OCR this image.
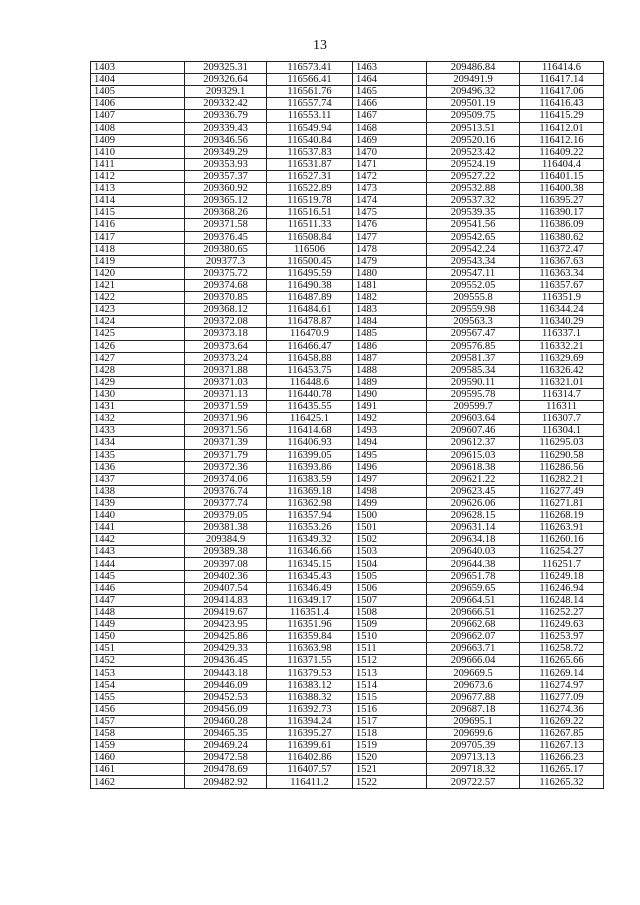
13
1403	209325.31	116573.41	1463	209486.84	116414.6
1404	209326.64	116566.41	1464	209491.9	116417.14
1405	209329.1	116561.76	1465	209496.32	116417.06
1406	209332.42	116557.74	1466	209501.19	116416.43
1407	209336.79	116553.11	1467	209509.75	116415.29
1408	209339.43	116549.94	1468	209513.51	116412.01
1409	209346.56	116540.84	1469	209520.16	116412.16
1410	209349.29	116537.83	1470	209523.42	116409.22
1411	209353.93	116531.87	1471	209524.19	116404.4
1412	209357.37	116527.31	1472	209527.22	116401.15
1413	209360.92	116522.89	1473	209532.88	116400.38
1414	209365.12	116519.78	1474	209537.32	116395.27
1415	209368.26	116516.51	1475	209539.35	116390.17
1416	209371.58	116511.33	1476	209541.56	116386.09
1417	209376.45	116508.84	1477	209542.65	116380.62
1418	209380.65	116506	1478	209542.24	116372.47
1419	209377.3	116500.45	1479	209543.34	116367.63
1420	209375.72	116495.59	1480	209547.11	116363.34
1421	209374.68	116490.38	1481	209552.05	116357.67
1422	209370.85	116487.89	1482	209555.8	116351.9
1423	209368.12	116484.61	1483	209559.98	116344.24
1424	209372.08	116478.87	1484	209563.3	116340.29
1425	209373.18	116470.9	1485	209567.47	116337.1
1426	209373.64	116466.47	1486	209576.85	116332.21
1427	209373.24	116458.88	1487	209581.37	116329.69
1428	209371.88	116453.75	1488	209585.34	116326.42
1429	209371.03	116448.6	1489	209590.11	116321.01
1430	209371.13	116440.78	1490	209595.78	116314.7
1431	209371.59	116435.55	1491	209599.7	116311
1432	209371.96	116425.1	1492	209603.64	116307.7
1433	209371.56	116414.68	1493	209607.46	116304.1
1434	209371.39	116406.93	1494	209612.37	116295.03
1435	209371.79	116399.05	1495	209615.03	116290.58
1436	209372.36	116393.86	1496	209618.38	116286.56
1437	209374.06	116383.59	1497	209621.22	116282.21
1438	209376.74	116369.18	1498	209623.45	116277.49
1439	209377.74	116362.98	1499	209626.06	116271.81
1440	209379.05	116357.94	1500	209628.15	116268.19
1441	209381.38	116353.26	1501	209631.14	116263.91
1442	209384.9	116349.32	1502	209634.18	116260.16
1443	209389.38	116346.66	1503	209640.03	116254.27
1444	209397.08	116345.15	1504	209644.38	116251.7
1445	209402.36	116345.43	1505	209651.78	116249.18
1446	209407.54	116346.49	1506	209659.65	116246.94
1447	209414.83	116349.17	1507	209664.51	116248.14
1448	209419.67	116351.4	1508	209666.51	116252.27
1449	209423.95	116351.96	1509	209662.68	116249.63
1450	209425.86	116359.84	1510	209662.07	116253.97
1451	209429.33	116363.98	1511	209663.71	116258.72
1452	209436.45	116371.55	1512	209666.04	116265.66
1453	209443.18	116379.53	1513	209669.5	116269.14
1454	209446.09	116383.12	1514	209673.6	116274.97
1455	209452.53	116388.32	1515	209677.88	116277.09
1456	209456.09	116392.73	1516	209687.18	116274.36
1457	209460.28	116394.24	1517	209695.1	116269.22
1458	209465.35	116395.27	1518	209699.6	116267.85
1459	209469.24	116399.61	1519	209705.39	116267.13
1460	209472.58	116402.86	1520	209713.13	116266.23
1461	209478.69	116407.57	1521	209718.32	116265.17
1462	209482.92	116411.2	1522	209722.57	116265.32
